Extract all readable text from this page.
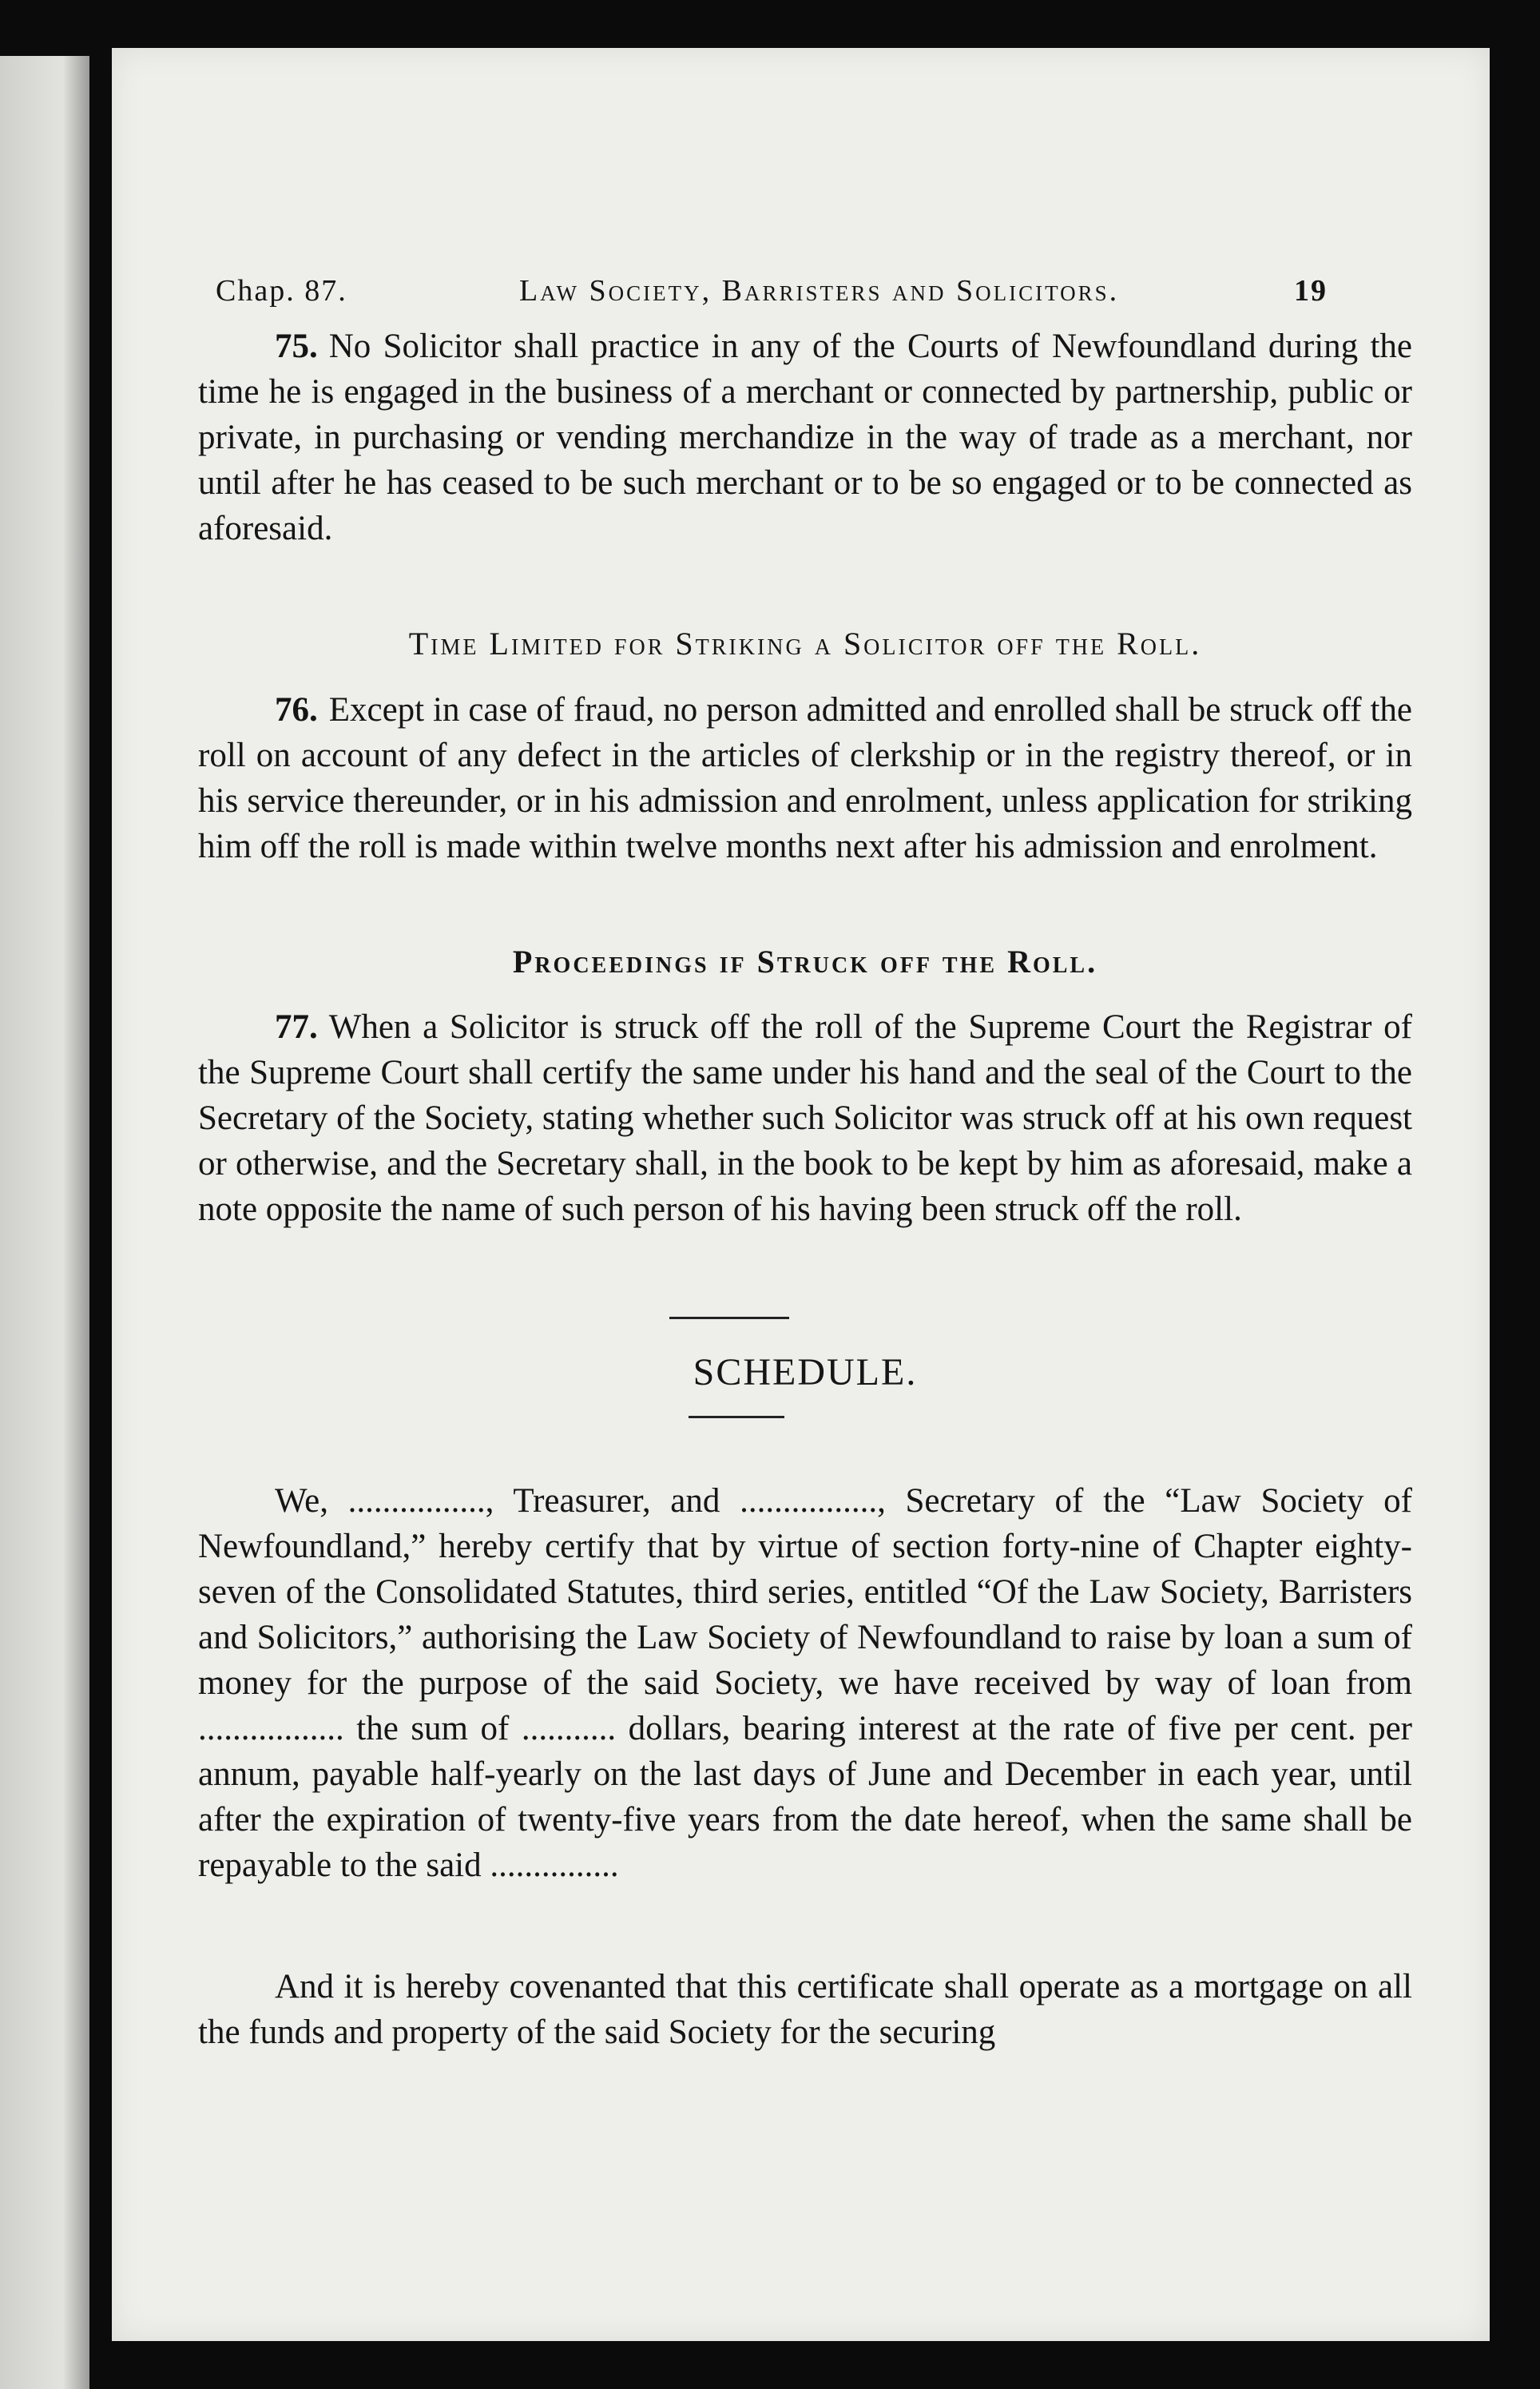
Chap. 87.	Law Society, Barristers and Solicitors.	19

75. No Solicitor shall practice in any of the Courts of Newfoundland during the time he is engaged in the business of a merchant or connected by partnership, public or private, in purchasing or vending merchandize in the way of trade as a merchant, nor until after he has ceased to be such merchant or to be so engaged or to be connected as aforesaid.

Time Limited for Striking a Solicitor off the Roll.

76. Except in case of fraud, no person admitted and enrolled shall be struck off the roll on account of any defect in the articles of clerkship or in the registry thereof, or in his service thereunder, or in his admission and enrolment, unless application for striking him off the roll is made within twelve months next after his admission and enrolment.

Proceedings if Struck off the Roll.

77. When a Solicitor is struck off the roll of the Supreme Court the Registrar of the Supreme Court shall certify the same under his hand and the seal of the Court to the Secretary of the Society, stating whether such Solicitor was struck off at his own request or otherwise, and the Secretary shall, in the book to be kept by him as aforesaid, make a note opposite the name of such person of his having been struck off the roll.

SCHEDULE.

We, ................, Treasurer, and ................, Secretary of the “Law Society of Newfoundland,” hereby certify that by virtue of section forty-nine of Chapter eighty-seven of the Consolidated Statutes, third series, entitled “Of the Law Society, Barristers and Solicitors,” authorising the Law Society of Newfoundland to raise by loan a sum of money for the purpose of the said Society, we have received by way of loan from ................. the sum of ........... dollars, bearing interest at the rate of five per cent. per annum, payable half-yearly on the last days of June and December in each year, until after the expiration of twenty-five years from the date hereof, when the same shall be repayable to the said ...............

And it is hereby covenanted that this certificate shall operate as a mortgage on all the funds and property of the said Society for the securing
